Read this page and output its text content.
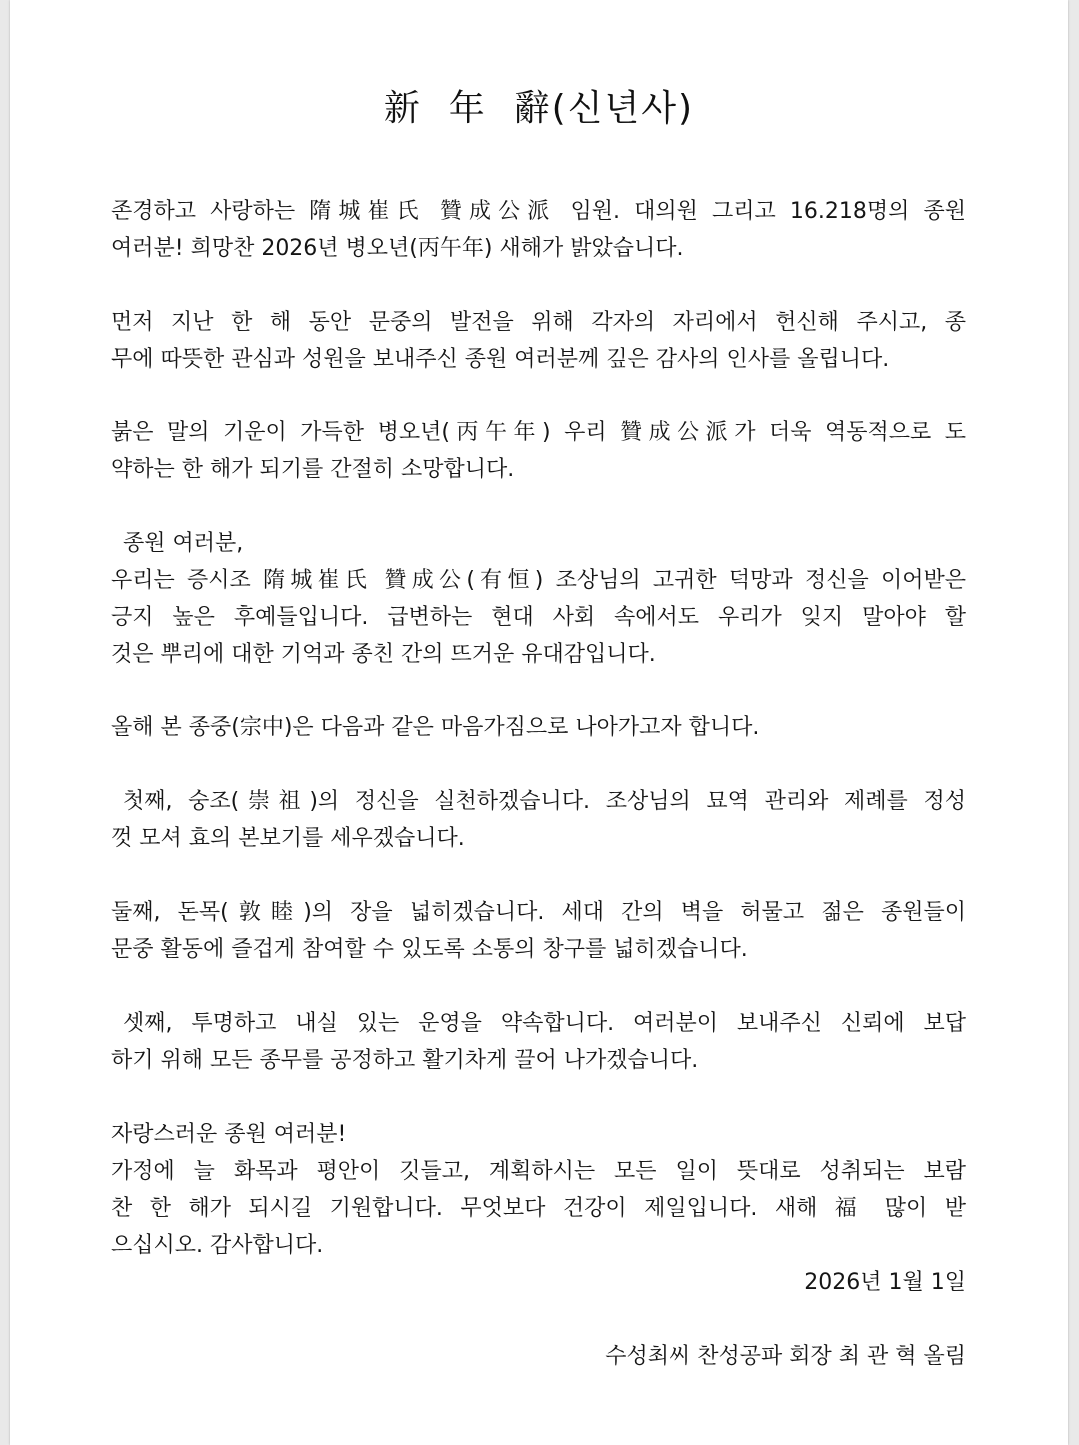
新  年  辭(신년사)
존경하고 사랑하는 隋城崔氏 贊成公派 임원. 대의원 그리고 16.218명의 종원
여러분! 희망찬 2026년 병오년(丙午年) 새해가 밝았습니다.
먼저 지난 한 해 동안 문중의 발전을 위해 각자의 자리에서 헌신해 주시고, 종
무에 따뜻한 관심과 성원을 보내주신 종원 여러분께 깊은 감사의 인사를 올립니다.
붉은 말의 기운이 가득한 병오년(丙午年) 우리 贊成公派가 더욱 역동적으로 도
약하는 한 해가 되기를 간절히 소망합니다.
종원 여러분,
우리는 증시조 隋城崔氏 贊成公(有恒) 조상님의 고귀한 덕망과 정신을 이어받은
긍지 높은 후예들입니다. 급변하는 현대 사회 속에서도 우리가 잊지 말아야 할
것은 뿌리에 대한 기억과 종친 간의 뜨거운 유대감입니다.
올해 본 종중(宗中)은 다음과 같은 마음가짐으로 나아가고자 합니다.
첫째, 숭조(崇祖)의 정신을 실천하겠습니다. 조상님의 묘역 관리와 제례를 정성
껏 모셔 효의 본보기를 세우겠습니다.
둘째, 돈목(敦睦)의 장을 넓히겠습니다. 세대 간의 벽을 허물고 젊은 종원들이
문중 활동에 즐겁게 참여할 수 있도록 소통의 창구를 넓히겠습니다.
셋째, 투명하고 내실 있는 운영을 약속합니다. 여러분이 보내주신 신뢰에 보답
하기 위해 모든 종무를 공정하고 활기차게 끌어 나가겠습니다.
자랑스러운 종원 여러분!
가정에 늘 화목과 평안이 깃들고, 계획하시는 모든 일이 뜻대로 성취되는 보람
찬 한 해가 되시길 기원합니다. 무엇보다 건강이 제일입니다. 새해 福 많이 받
으십시오. 감사합니다.
2026년 1월 1일
수성최씨 찬성공파 회장 최 관 혁 올림
